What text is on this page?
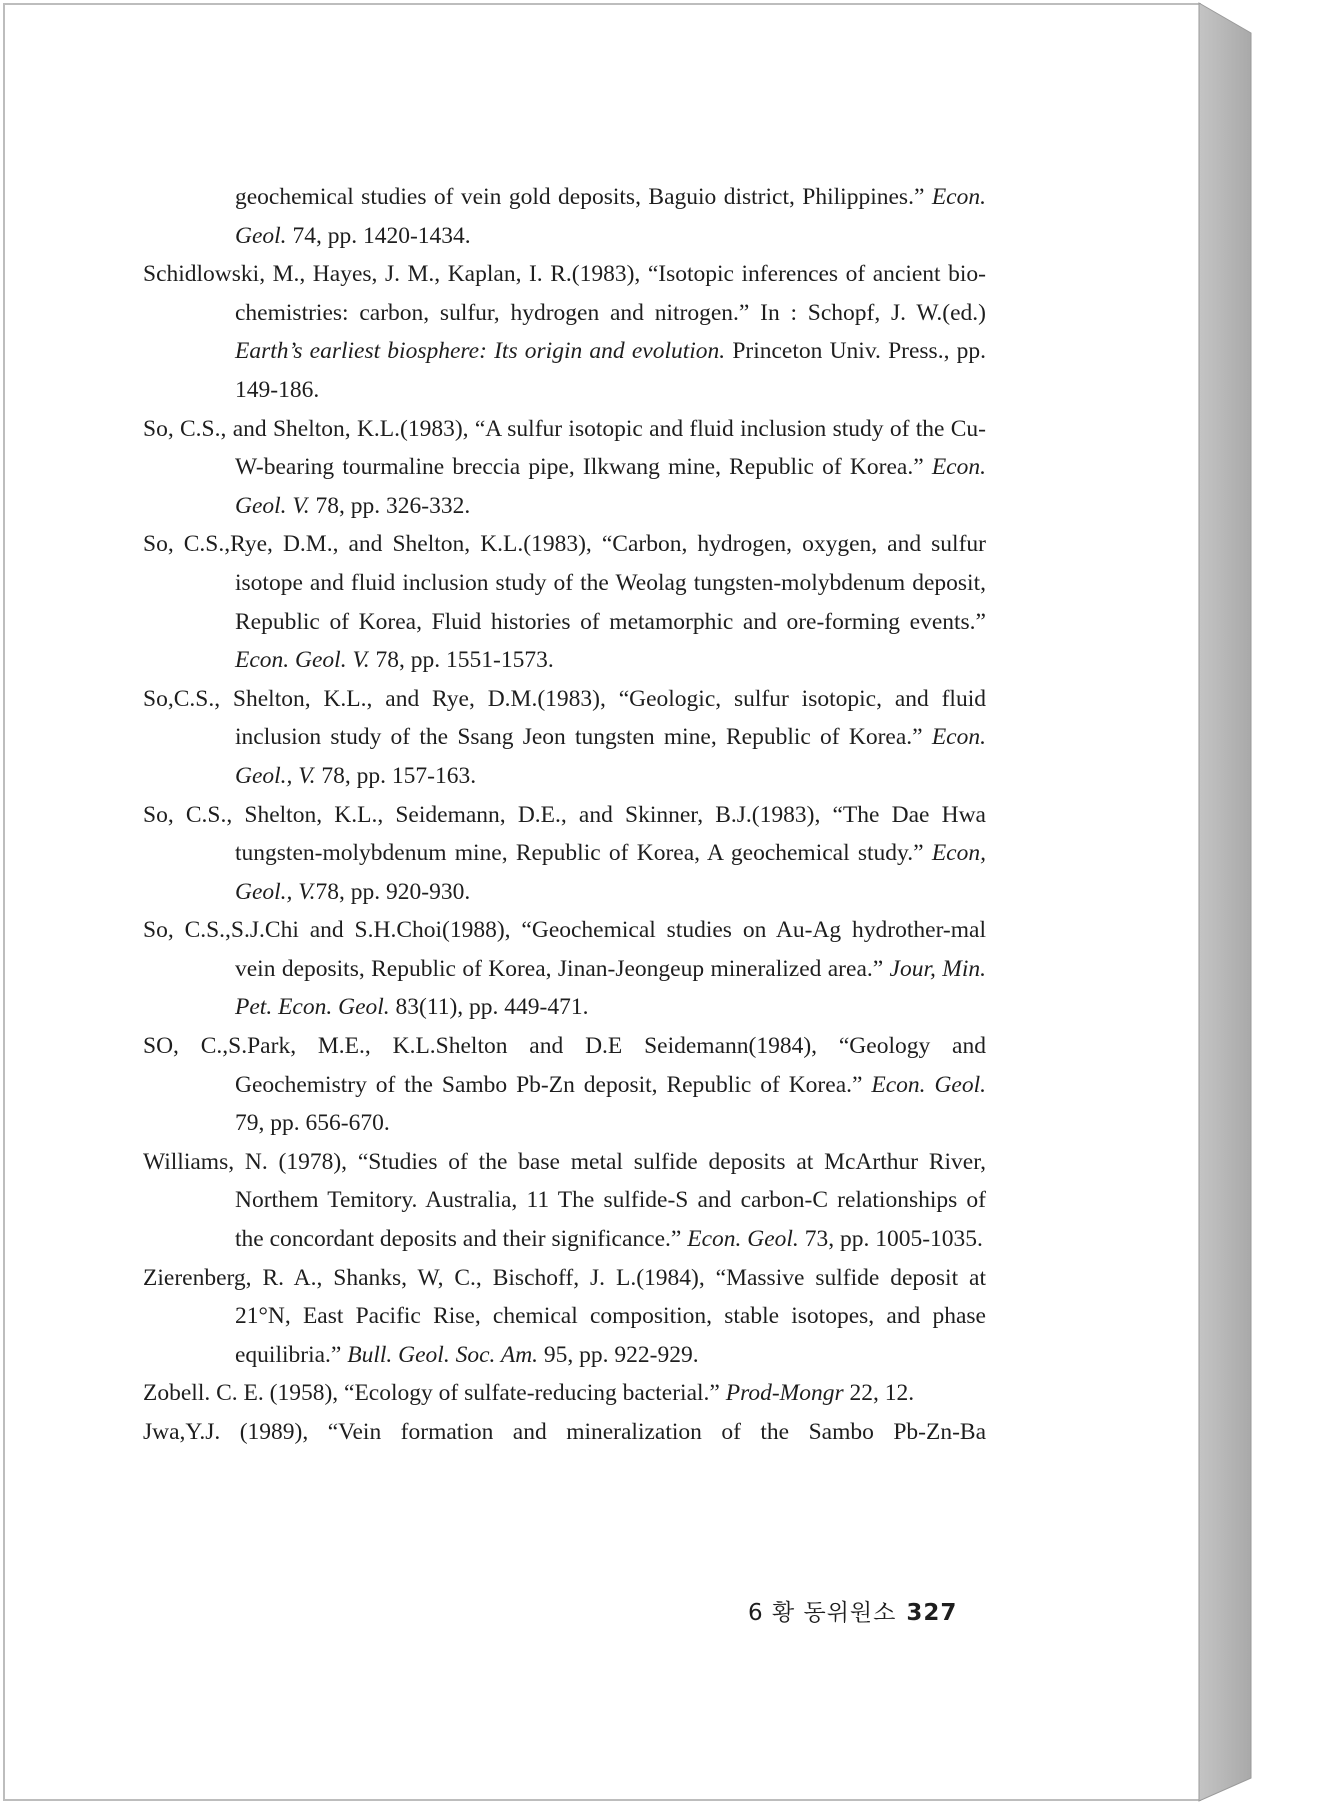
geochemical studies of vein gold deposits, Baguio district, Philippines.” Econ. Geol. 74, pp. 1420-1434.
Schidlowski, M., Hayes, J. M., Kaplan, I. R.(1983), “Isotopic inferences of ancient bio-chemistries: carbon, sulfur, hydrogen and nitrogen.” In : Schopf, J. W.(ed.) Earth’s earliest biosphere: Its origin and evolution. Princeton Univ. Press., pp. 149-186.
So, C.S., and Shelton, K.L.(1983), “A sulfur isotopic and fluid inclusion study of the Cu-W-bearing tourmaline breccia pipe, Ilkwang mine, Republic of Korea.” Econ. Geol. V. 78, pp. 326-332.
So, C.S.,Rye, D.M., and Shelton, K.L.(1983), “Carbon, hydrogen, oxygen, and sulfur isotope and fluid inclusion study of the Weolag tungsten-molybdenum deposit, Republic of Korea, Fluid histories of metamorphic and ore-forming events.” Econ. Geol. V. 78, pp. 1551-1573.
So,C.S., Shelton, K.L., and Rye, D.M.(1983), “Geologic, sulfur isotopic, and fluid inclusion study of the Ssang Jeon tungsten mine, Republic of Korea.” Econ. Geol., V. 78, pp. 157-163.
So, C.S., Shelton, K.L., Seidemann, D.E., and Skinner, B.J.(1983), “The Dae Hwa tungsten-molybdenum mine, Republic of Korea, A geochemical study.” Econ, Geol., V.78, pp. 920-930.
So, C.S.,S.J.Chi and S.H.Choi(1988), “Geochemical studies on Au-Ag hydrother-mal vein deposits, Republic of Korea, Jinan-Jeongeup mineralized area.” Jour, Min. Pet. Econ. Geol. 83(11), pp. 449-471.
SO, C.,S.Park, M.E., K.L.Shelton and D.E Seidemann(1984), “Geology and Geochemistry of the Sambo Pb-Zn deposit, Republic of Korea.” Econ. Geol. 79, pp. 656-670.
Williams, N. (1978), “Studies of the base metal sulfide deposits at McArthur River, Northem Temitory. Australia, 11 The sulfide-S and carbon-C relationships of the concordant deposits and their significance.” Econ. Geol. 73, pp. 1005-1035.
Zierenberg, R. A., Shanks, W, C., Bischoff, J. L.(1984), “Massive sulfide deposit at 21°N, East Pacific Rise, chemical composition, stable isotopes, and phase equilibria.” Bull. Geol. Soc. Am. 95, pp. 922-929.
Zobell. C. E. (1958), “Ecology of sulfate-reducing bacterial.” Prod-Mongr 22, 12.
Jwa,Y.J. (1989), “Vein formation and mineralization of the Sambo Pb-Zn-Ba
6 황 동위원소 327
